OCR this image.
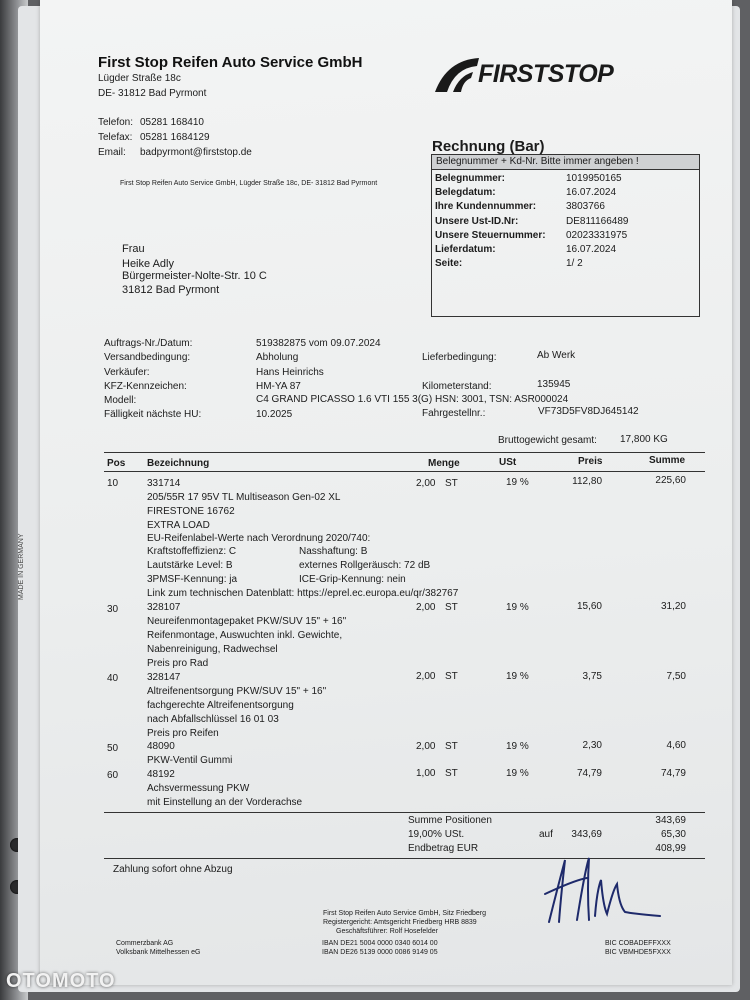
MADE IN GERMANY
First Stop Reifen Auto Service GmbH
Lügder Straße 18c
DE- 31812 Bad Pyrmont
Telefon: 05281 168410
Telefax: 05281 1684129
Email: badpyrmont@firststop.de
First Stop Reifen Auto Service GmbH, Lügder Straße 18c, DE- 31812 Bad Pyrmont
FIRSTSTOP
Rechnung (Bar)
Belegnummer + Kd-Nr. Bitte immer angeben !
Belegnummer:	1019950165
Belegdatum:	16.07.2024
Ihre Kundennummer:	3803766
Unsere Ust-ID.Nr:	DE811166489
Unsere Steuernummer: 02023331975
Lieferdatum:	16.07.2024
Seite:	1/ 2
Frau
Heike Adly
Bürgermeister-Nolte-Str. 10 C
31812 Bad Pyrmont
Auftrags-Nr./Datum:	519382875 vom 09.07.2024
Versandbedingung:	Abholung	Lieferbedingung:	Ab Werk
Verkäufer:	Hans Heinrichs
KFZ-Kennzeichen:	HM-YA 87	Kilometerstand:	135945
Modell:	C4 GRAND PICASSO 1.6 VTI 155 3(G) HSN: 3001, TSN: ASR000024
Fälligkeit nächste HU:	10.2025	Fahrgestellnr.:	VF73D5FV8DJ645142
Bruttogewicht gesamt: 17,800 KG
Pos Bezeichnung	Menge	USt	Preis	Summe
10	331714	2,00 ST	19 %	112,80	225,60
205/55R 17 95V TL Multiseason Gen-02 XL
FIRESTONE 16762
EXTRA LOAD
EU-Reifenlabel-Werte nach Verordnung 2020/740:
Kraftstoffeffizienz: C	Nasshaftung: B
Lautstärke Level: B	externes Rollgeräusch: 72 dB
3PMSF-Kennung: ja	ICE-Grip-Kennung: nein
Link zum technischen Datenblatt: https://eprel.ec.europa.eu/qr/382767
30	328107	2,00 ST	19 %	15,60	31,20
Neureifenmontagepaket PKW/SUV 15" + 16"
Reifenmontage, Auswuchten inkl. Gewichte,
Nabenreinigung, Radwechsel
Preis pro Rad
40	328147	2,00 ST	19 %	3,75	7,50
Altreifenentsorgung PKW/SUV 15" + 16"
fachgerechte Altreifenentsorgung
nach Abfallschlüssel 16 01 03
Preis pro Reifen
50	48090	2,00 ST	19 %	2,30	4,60
PKW-Ventil Gummi
60	48192	1,00 ST	19 %	74,79	74,79
Achsvermessung PKW
mit Einstellung an der Vorderachse
Summe Positionen	343,69
19,00% USt.	auf	343,69	65,30
Endbetrag EUR	408,99
Zahlung sofort ohne Abzug
First Stop Reifen Auto Service GmbH, Sitz Friedberg
Registergericht: Amtsgericht Friedberg HRB 8839
Geschäftsführer: Rolf Hosefelder
Commerzbank AG	IBAN DE21 5004 0000 0340 6014 00	BIC COBADEFFXXX
Volksbank Mittelhessen eG	IBAN DE26 5139 0000 0086 9149 05	BIC VBMHDE5FXXX
OTOMOTO
